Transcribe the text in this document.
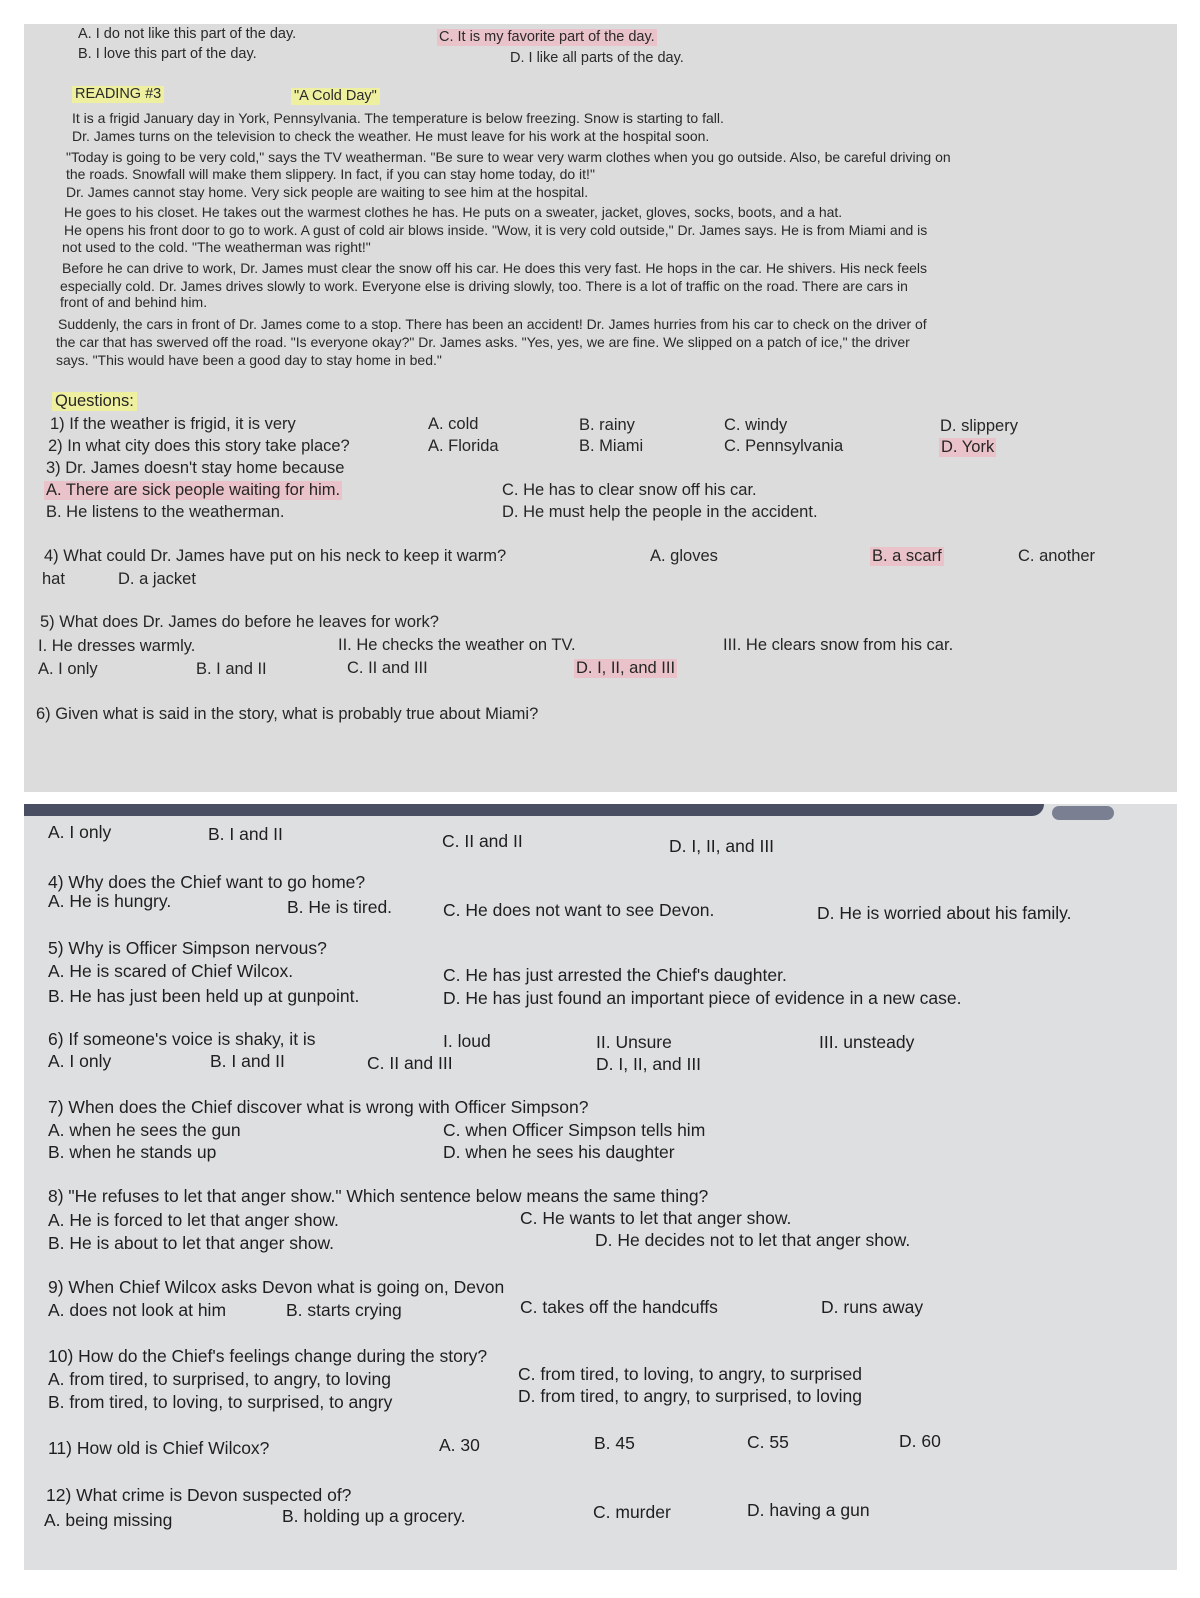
A. I do not like this part of the day.
B. I love this part of the day.
C. It is my favorite part of the day.
D. I like all parts of the day.
READING #3	"A Cold Day"
It is a frigid January day in York, Pennsylvania. The temperature is below freezing. Snow is starting to fall.
Dr. James turns on the television to check the weather. He must leave for his work at the hospital soon.
"Today is going to be very cold," says the TV weatherman. "Be sure to wear very warm clothes when you go outside. Also, be careful driving on
the roads. Snowfall will make them slippery. In fact, if you can stay home today, do it!"
Dr. James cannot stay home. Very sick people are waiting to see him at the hospital.
He goes to his closet. He takes out the warmest clothes he has. He puts on a sweater, jacket, gloves, socks, boots, and a hat.
He opens his front door to go to work. A gust of cold air blows inside. "Wow, it is very cold outside," Dr. James says. He is from Miami and is
not used to the cold. "The weatherman was right!"
Before he can drive to work, Dr. James must clear the snow off his car. He does this very fast. He hops in the car. He shivers. His neck feels
especially cold. Dr. James drives slowly to work. Everyone else is driving slowly, too. There is a lot of traffic on the road. There are cars in
front of and behind him.
Suddenly, the cars in front of Dr. James come to a stop. There has been an accident! Dr. James hurries from his car to check on the driver of
the car that has swerved off the road. "Is everyone okay?" Dr. James asks. "Yes, yes, we are fine. We slipped on a patch of ice," the driver
says. "This would have been a good day to stay home in bed."
Questions:
1) If the weather is frigid, it is very	A. cold	B. rainy	C. windy	D. slippery
2) In what city does this story take place?	A. Florida	B. Miami	C. Pennsylvania	D. York
3) Dr. James doesn't stay home because
A. There are sick people waiting for him.
B. He listens to the weatherman.
C. He has to clear snow off his car.
D. He must help the people in the accident.
4) What could Dr. James have put on his neck to keep it warm?	A. gloves	B. a scarf	C. another
hat	D. a jacket
5) What does Dr. James do before he leaves for work?
I. He dresses warmly.	II. He checks the weather on TV.	III. He clears snow from his car.
A. I only	B. I and II	C. II and III	D. I, II, and III
6) Given what is said in the story, what is probably true about Miami?
A. I only	B. I and II	C. II and II	D. I, II, and III
4) Why does the Chief want to go home?
A. He is hungry.	B. He is tired.	C. He does not want to see Devon.	D. He is worried about his family.
5) Why is Officer Simpson nervous?
A. He is scared of Chief Wilcox.
B. He has just been held up at gunpoint.
C. He has just arrested the Chief's daughter.
D. He has just found an important piece of evidence in a new case.
6) If someone's voice is shaky, it is	I. loud	II. Unsure	III. unsteady
A. I only	B. I and II	C. II and III	D. I, II, and III
7) When does the Chief discover what is wrong with Officer Simpson?
A. when he sees the gun
B. when he stands up
C. when Officer Simpson tells him
D. when he sees his daughter
8) "He refuses to let that anger show." Which sentence below means the same thing?
A. He is forced to let that anger show.
B. He is about to let that anger show.
C. He wants to let that anger show.
D. He decides not to let that anger show.
9) When Chief Wilcox asks Devon what is going on, Devon
A. does not look at him	B. starts crying	C. takes off the handcuffs	D. runs away
10) How do the Chief's feelings change during the story?
A. from tired, to surprised, to angry, to loving
B. from tired, to loving, to surprised, to angry
C. from tired, to loving, to angry, to surprised
D. from tired, to angry, to surprised, to loving
11) How old is Chief Wilcox?	A. 30	B. 45	C. 55	D. 60
12) What crime is Devon suspected of?
A. being missing	B. holding up a grocery.	C. murder	D. having a gun
